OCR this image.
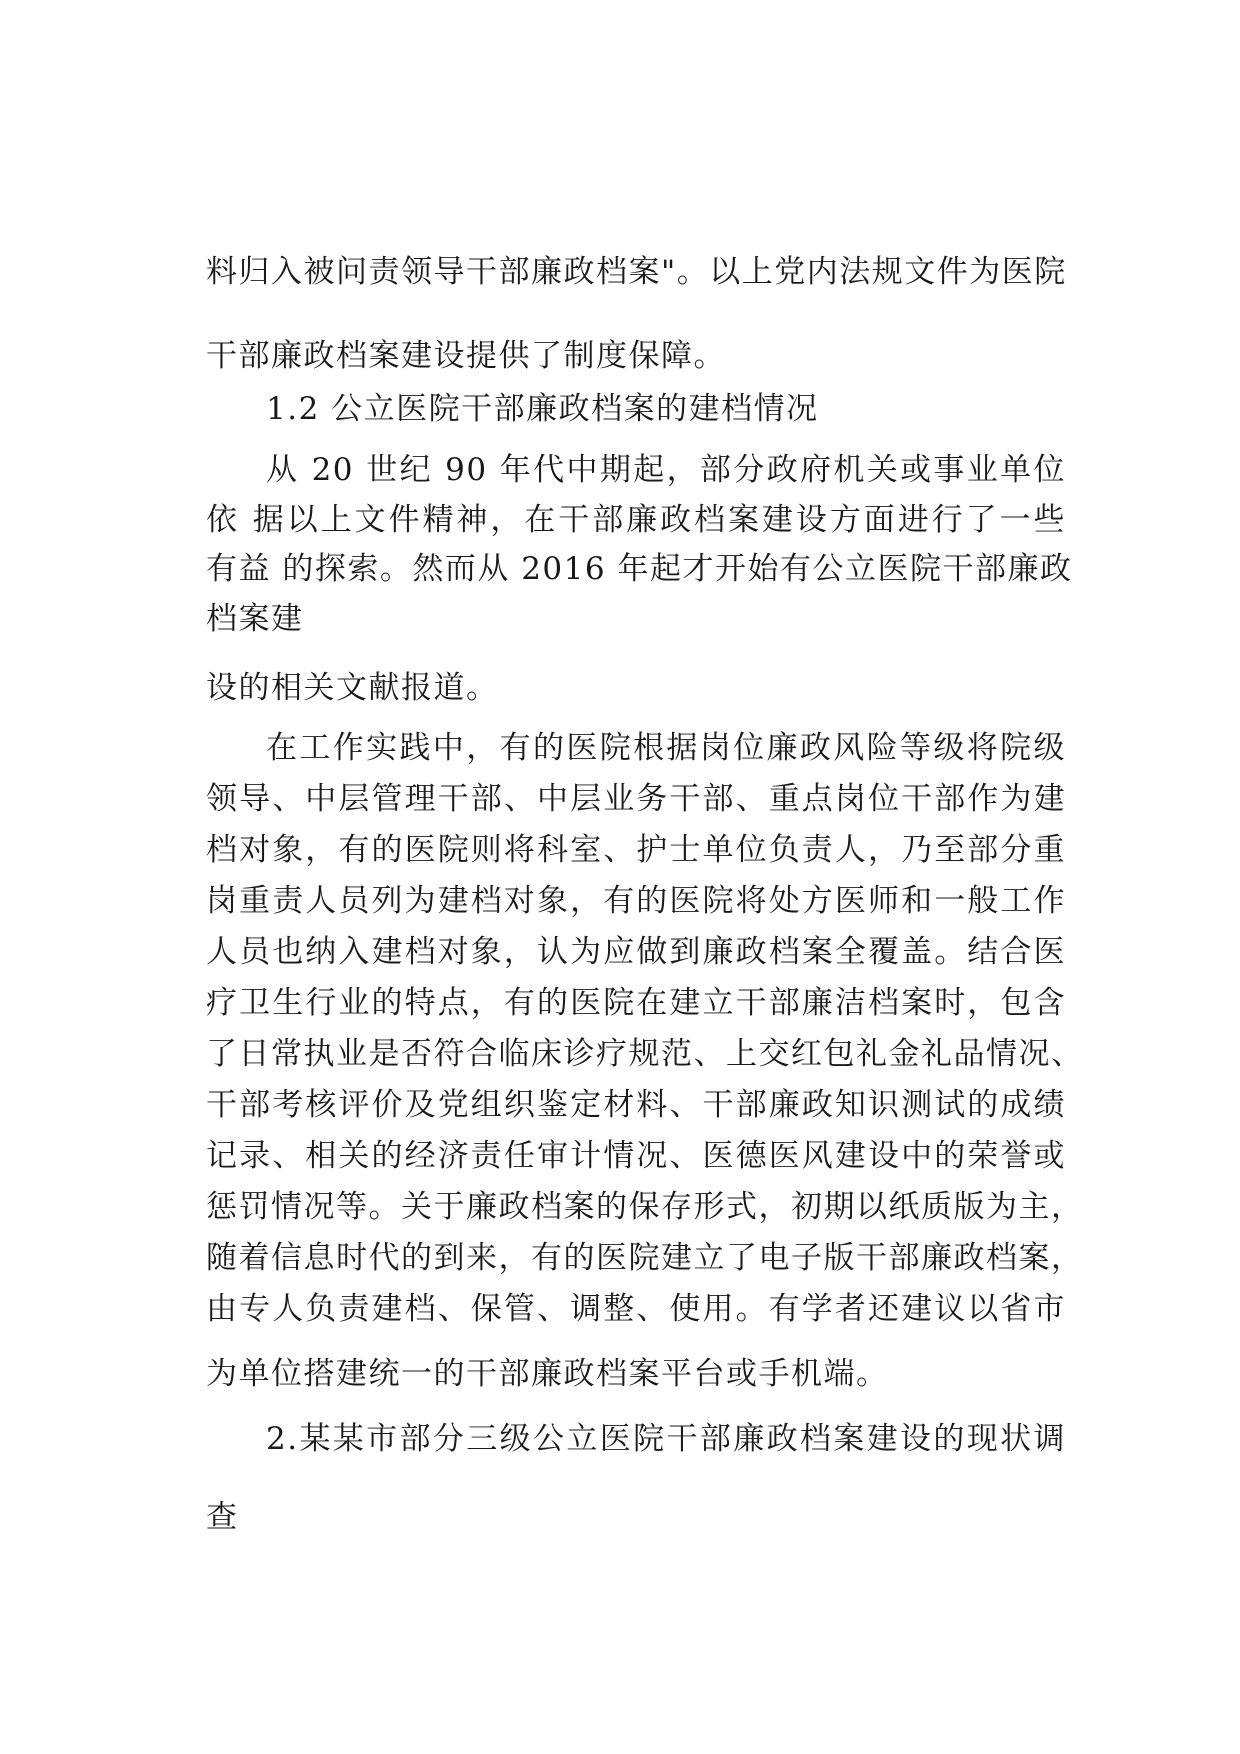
料归入被问责领导干部廉政档案"。以上党内法规文件为医院
干部廉政档案建设提供了制度保障。
1.2 公立医院干部廉政档案的建档情况
从 20 世纪 90 年代中期起，部分政府机关或事业单位
依 据以上文件精神，在干部廉政档案建设方面进行了一些
有益 的探索。然而从 2016 年起才开始有公立医院干部廉政
档案建
设的相关文献报道。
在工作实践中，有的医院根据岗位廉政风险等级将院级
领导、中层管理干部、中层业务干部、重点岗位干部作为建
档对象，有的医院则将科室、护士单位负责人，乃至部分重
岗重责人员列为建档对象，有的医院将处方医师和一般工作
人员也纳入建档对象，认为应做到廉政档案全覆盖。结合医
疗卫生行业的特点，有的医院在建立干部廉洁档案时，包含
了日常执业是否符合临床诊疗规范、上交红包礼金礼品情况、
干部考核评价及党组织鉴定材料、干部廉政知识测试的成绩
记录、相关的经济责任审计情况、医德医风建设中的荣誉或
惩罚情况等。关于廉政档案的保存形式，初期以纸质版为主，
随着信息时代的到来，有的医院建立了电子版干部廉政档案，
由专人负责建档、保管、调整、使用。有学者还建议以省市
为单位搭建统一的干部廉政档案平台或手机端。
2.某某市部分三级公立医院干部廉政档案建设的现状调
查
